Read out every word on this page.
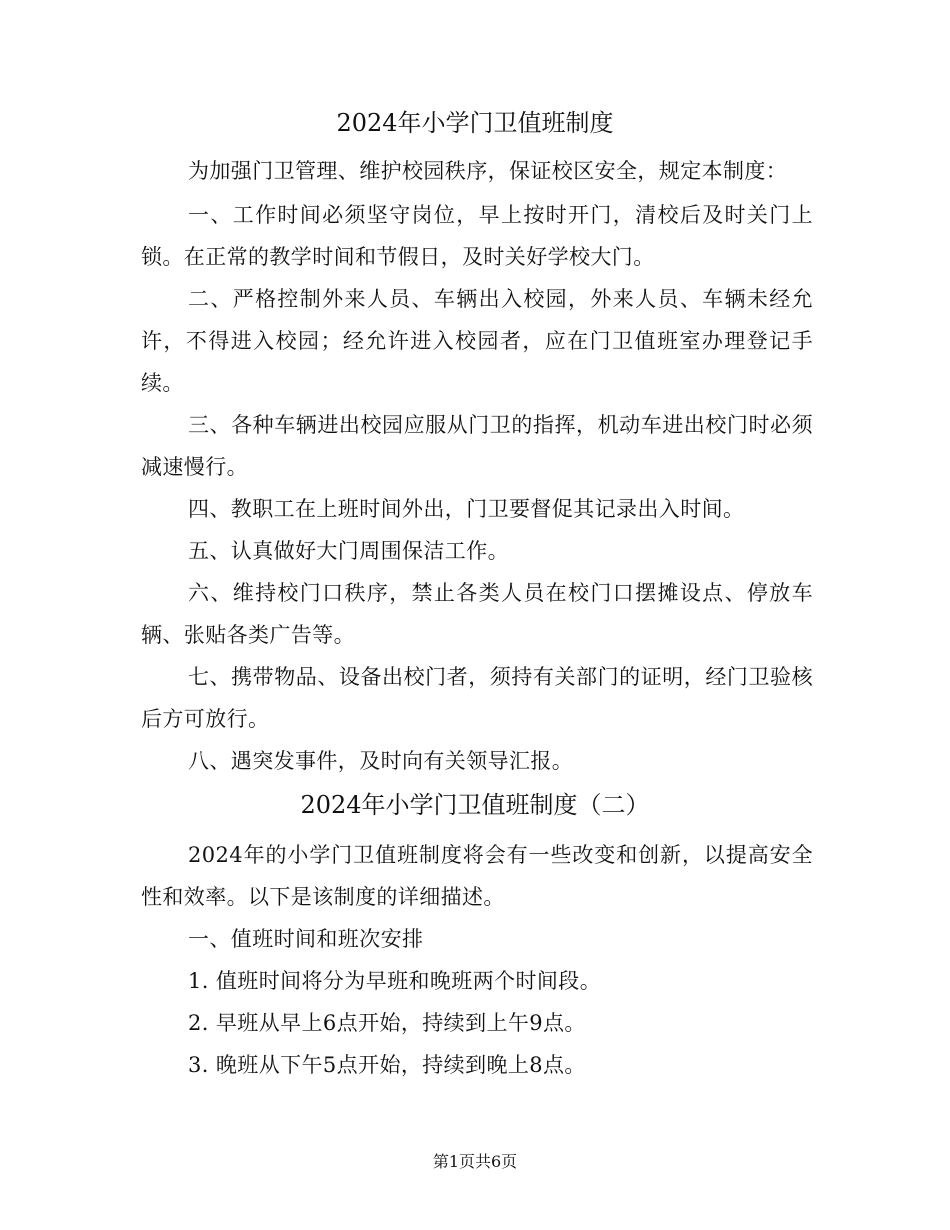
2024年小学门卫值班制度

为加强门卫管理、维护校园秩序，保证校区安全，规定本制度：

一、工作时间必须坚守岗位，早上按时开门，清校后及时关门上锁。在正常的教学时间和节假日，及时关好学校大门。

二、严格控制外来人员、车辆出入校园，外来人员、车辆未经允许，不得进入校园；经允许进入校园者，应在门卫值班室办理登记手续。

三、各种车辆进出校园应服从门卫的指挥，机动车进出校门时必须减速慢行。

四、教职工在上班时间外出，门卫要督促其记录出入时间。

五、认真做好大门周围保洁工作。

六、维持校门口秩序，禁止各类人员在校门口摆摊设点、停放车辆、张贴各类广告等。

七、携带物品、设备出校门者，须持有关部门的证明，经门卫验核后方可放行。

八、遇突发事件，及时向有关领导汇报。

2024年小学门卫值班制度（二）

2024年的小学门卫值班制度将会有一些改变和创新，以提高安全性和效率。以下是该制度的详细描述。

一、值班时间和班次安排

1. 值班时间将分为早班和晚班两个时间段。

2. 早班从早上6点开始，持续到上午9点。

3. 晚班从下午5点开始，持续到晚上8点。

第1页共6页
